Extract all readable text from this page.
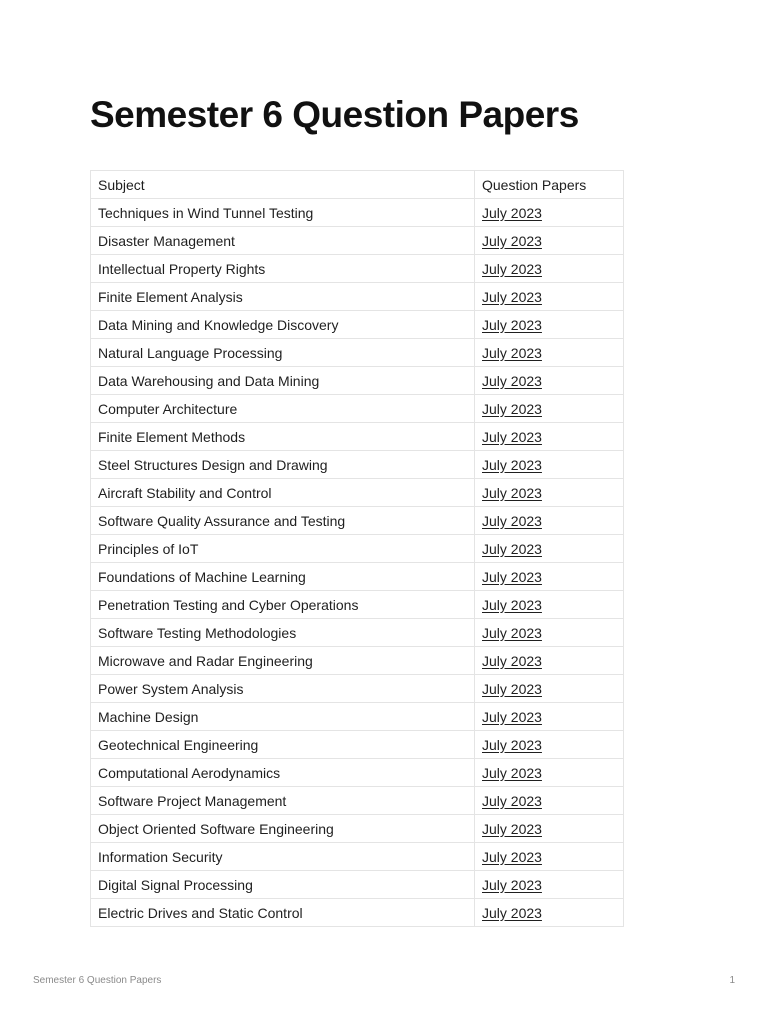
Semester 6 Question Papers
Subject	Question Papers
Techniques in Wind Tunnel Testing	July 2023
Disaster Management	July 2023
Intellectual Property Rights	July 2023
Finite Element Analysis	July 2023
Data Mining and Knowledge Discovery	July 2023
Natural Language Processing	July 2023
Data Warehousing and Data Mining	July 2023
Computer Architecture	July 2023
Finite Element Methods	July 2023
Steel Structures Design and Drawing	July 2023
Aircraft Stability and Control	July 2023
Software Quality Assurance and Testing	July 2023
Principles of IoT	July 2023
Foundations of Machine Learning	July 2023
Penetration Testing and Cyber Operations	July 2023
Software Testing Methodologies	July 2023
Microwave and Radar Engineering	July 2023
Power System Analysis	July 2023
Machine Design	July 2023
Geotechnical Engineering	July 2023
Computational Aerodynamics	July 2023
Software Project Management	July 2023
Object Oriented Software Engineering	July 2023
Information Security	July 2023
Digital Signal Processing	July 2023
Electric Drives and Static Control	July 2023
Semester 6 Question Papers	1
